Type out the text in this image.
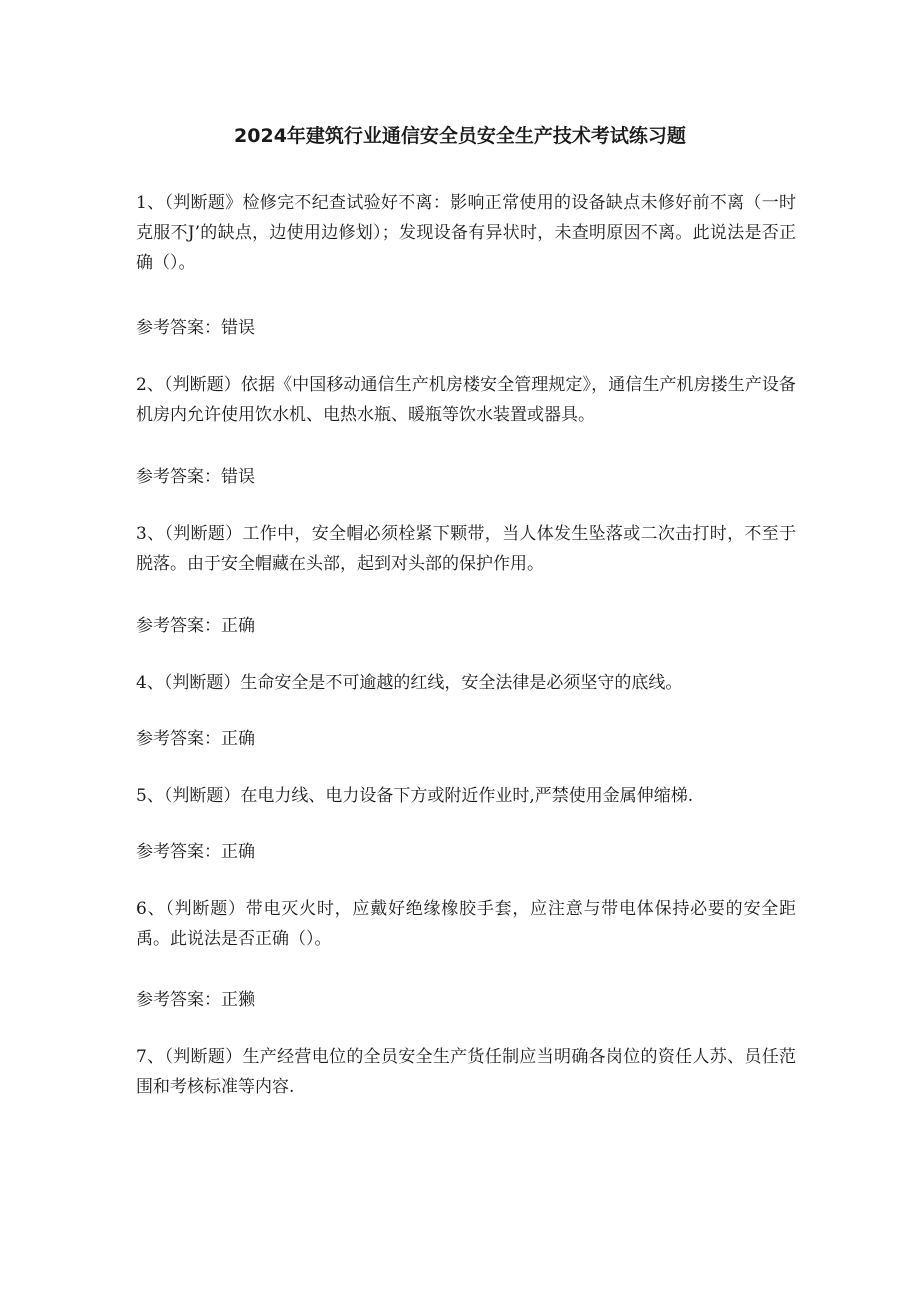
2024年建筑行业通信安全员安全生产技术考试练习题
1、（判断题》检修完不纪查试验好不离：影响正常使用的设备缺点未修好前不离（一时克服不J’的缺点，边使用边修划）；发现设备有异状时，未查明原因不离。此说法是否正确（）。
参考答案：错误
2、（判断题）依据《中国移动通信生产机房楼安全管理规定》，通信生产机房搂生产设备机房内允许使用饮水机、电热水瓶、暖瓶等饮水装置或器具。
参考答案：错误
3、（判断题）工作中，安全帽必须栓紧下颗带，当人体发生坠落或二次击打时，不至于脱落。由于安全帽藏在头部，起到对头部的保护作用。
参考答案：正确
4、（判断题）生命安全是不可逾越的红线，安全法律是必须坚守的底线。
参考答案：正确
5、（判断题）在电力线、电力设备下方或附近作业时,严禁使用金属伸缩梯.
参考答案：正确
6、（判断题）带电灭火时，应戴好绝缘橡胶手套，应注意与带电体保持必要的安全距禹。此说法是否正确（）。
参考答案：正獭
7、（判断题）生产经营电位的全员安全生产货任制应当明确各岗位的资任人苏、员任范围和考核标准等内容.
